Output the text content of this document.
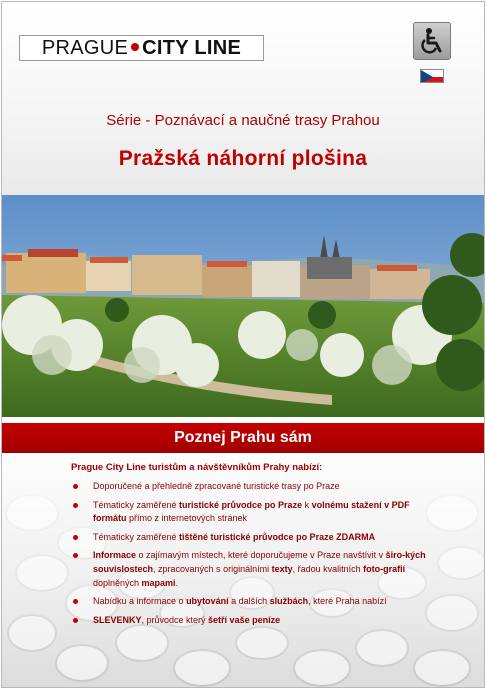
PRAGUE CITY LINE
Série - Poznávací a naučné trasy Prahou
Pražská náhorní plošina
Poznej Prahu sám
Prague City Line turistům a návštěvníkům Prahy nabízí:
Doporučené a přehledně zpracované turistické trasy po Praze
Tématicky zaměřené turistické průvodce po Praze k volnému stažení v PDF formátu přímo z internetových stránek
Tématicky zaměřené tištěné turistické průvodce po Praze ZDARMA
Informace o zajímavým místech, které doporučujeme v Praze navštívit v širo-kých souvislostech, zpracovaných s originálními texty, řadou kvalitních foto-grafií doplněných mapami.
Nabídku a informace o ubytování a dalších službách, které Praha nabízí
SLEVENKY, průvodce který šetří vaše peníze
